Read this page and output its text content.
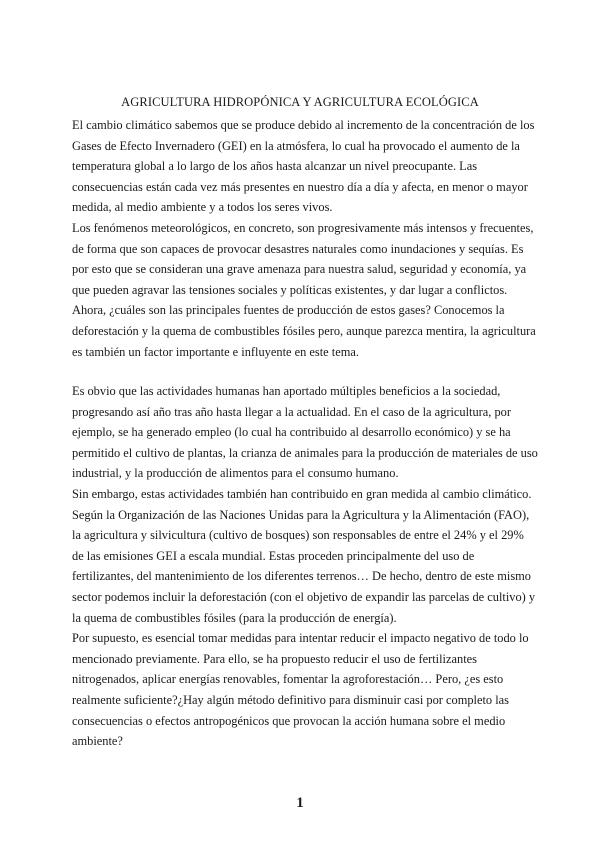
AGRICULTURA HIDROPÓNICA Y AGRICULTURA ECOLÓGICA

El cambio climático sabemos que se produce debido al incremento de la concentración de los
Gases de Efecto Invernadero (GEI) en la atmósfera, lo cual ha provocado el aumento de la
temperatura global a lo largo de los años hasta alcanzar un nivel preocupante. Las
consecuencias están cada vez más presentes en nuestro día a día y afecta, en menor o mayor
medida, al medio ambiente y a todos los seres vivos.

Los fenómenos meteorológicos, en concreto, son progresivamente más intensos y frecuentes,
de forma que son capaces de provocar desastres naturales como inundaciones y sequías. Es
por esto que se consideran una grave amenaza para nuestra salud, seguridad y economía, ya
que pueden agravar las tensiones sociales y políticas existentes, y dar lugar a conflictos.

Ahora, ¿cuáles son las principales fuentes de producción de estos gases? Conocemos la
deforestación y la quema de combustibles fósiles pero, aunque parezca mentira, la agricultura
es también un factor importante e influyente en este tema.

Es obvio que las actividades humanas han aportado múltiples beneficios a la sociedad,
progresando así año tras año hasta llegar a la actualidad. En el caso de la agricultura, por
ejemplo, se ha generado empleo (lo cual ha contribuido al desarrollo económico) y se ha
permitido el cultivo de plantas, la crianza de animales para la producción de materiales de uso
industrial, y la producción de alimentos para el consumo humano.

Sin embargo, estas actividades también han contribuido en gran medida al cambio climático.
Según la Organización de las Naciones Unidas para la Agricultura y la Alimentación (FAO),
la agricultura y silvicultura (cultivo de bosques) son responsables de entre el 24% y el 29%
de las emisiones GEI a escala mundial. Estas proceden principalmente del uso de
fertilizantes, del mantenimiento de los diferentes terrenos… De hecho, dentro de este mismo
sector podemos incluir la deforestación (con el objetivo de expandir las parcelas de cultivo) y
la quema de combustibles fósiles (para la producción de energía).

Por supuesto, es esencial tomar medidas para intentar reducir el impacto negativo de todo lo
mencionado previamente. Para ello, se ha propuesto reducir el uso de fertilizantes
nitrogenados, aplicar energías renovables, fomentar la agroforestación… Pero, ¿es esto
realmente suficiente?¿Hay algún método definitivo para disminuir casi por completo las
consecuencias o efectos antropogénicos que provocan la acción humana sobre el medio
ambiente?

1
